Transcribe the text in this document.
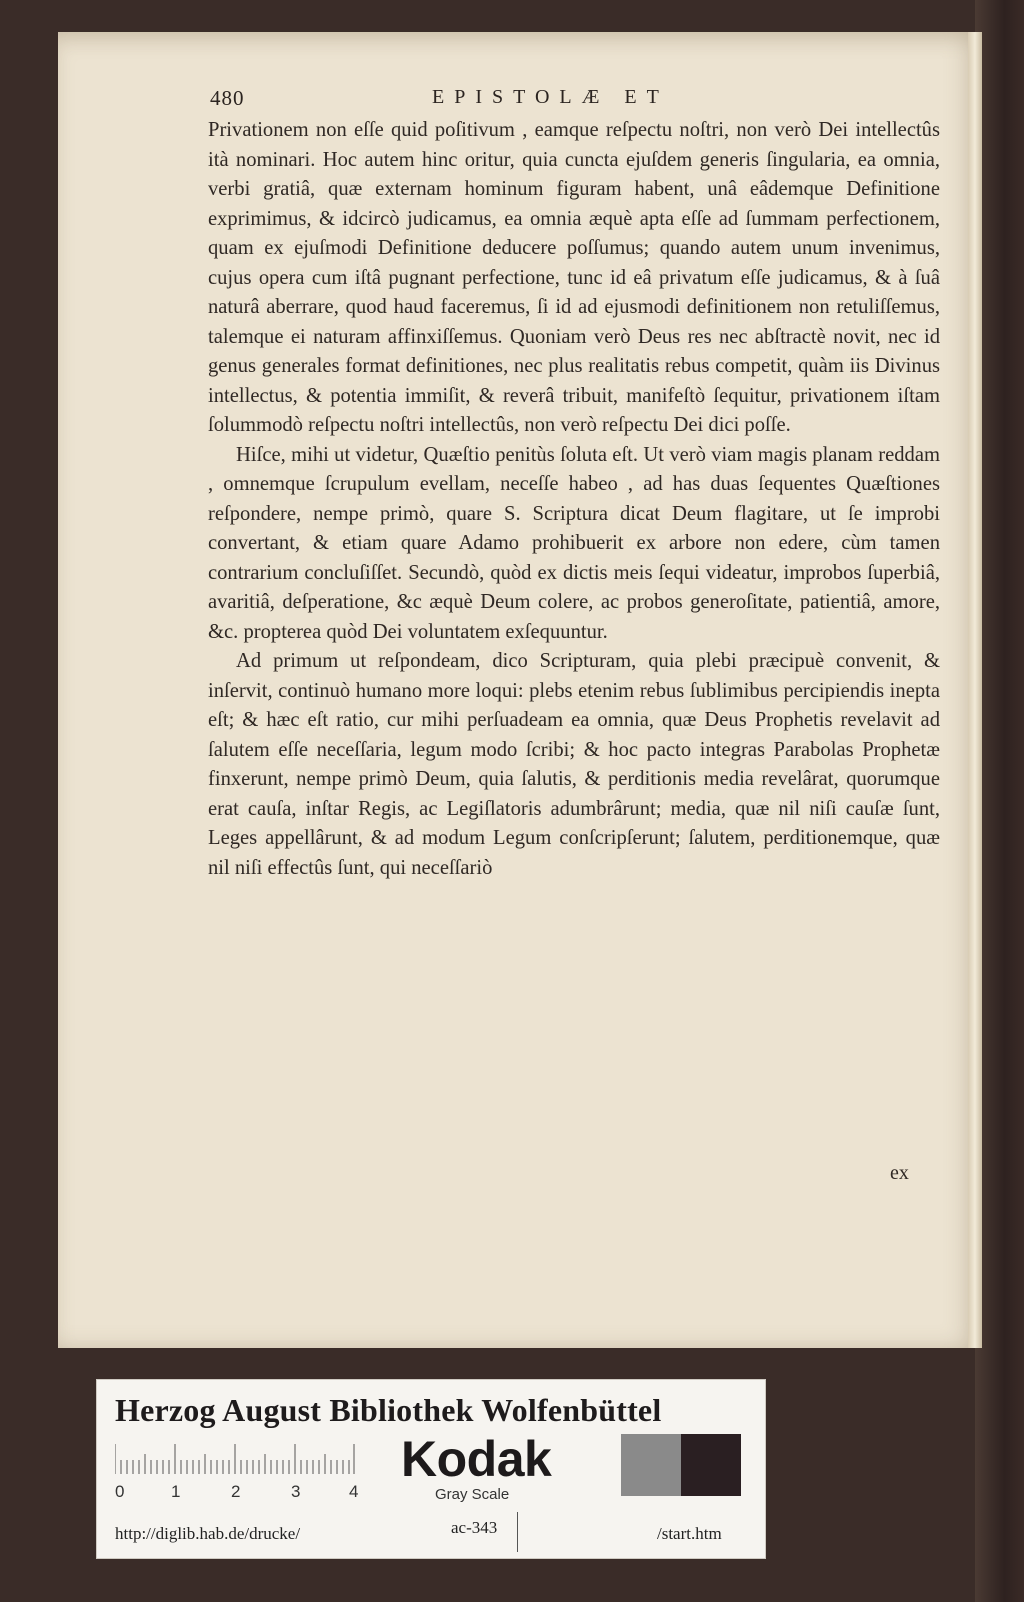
480	EPISTOLÆ ET

Privationem non eſſe quid poſitivum , eamque reſpectu noſtri, non verò Dei intellectûs ità nominari. Hoc autem hinc oritur, quia cuncta ejuſdem generis ſingularia, ea omnia, verbi gratiâ, quæ externam hominum figuram habent, unâ eâdemque Definitione exprimimus, & idcircò judicamus, ea omnia æquè apta eſſe ad ſummam perfectionem, quam ex ejuſmodi Definitione deducere poſſumus; quando autem unum invenimus, cujus opera cum iſtâ pugnant perfectione, tunc id eâ privatum eſſe judicamus, & à ſuâ naturâ aberrare, quod haud faceremus, ſi id ad ejusmodi definitionem non retuliſſemus, talemque ei naturam affinxiſſemus. Quoniam verò Deus res nec abſtractè novit, nec id genus generales format definitiones, nec plus realitatis rebus competit, quàm iis Divinus intellectus, & potentia immiſit, & reverâ tribuit, manifeſtò ſequitur, privationem iſtam ſolummodò reſpectu noſtri intellectûs, non verò reſpectu Dei dici poſſe.

Hiſce, mihi ut videtur, Quæſtio penitùs ſoluta eſt. Ut verò viam magis planam reddam , omnemque ſcrupulum evellam, neceſſe habeo , ad has duas ſequentes Quæſtiones reſpondere, nempe primò, quare S. Scriptura dicat Deum flagitare, ut ſe improbi convertant, & etiam quare Adamo prohibuerit ex arbore non edere, cùm tamen contrarium concluſiſſet. Secundò, quòd ex dictis meis ſequi videatur, improbos ſuperbiâ, avaritiâ, deſperatione, &c æquè Deum colere, ac probos generoſitate, patientiâ, amore, &c. propterea quòd Dei voluntatem exſequuntur.

Ad primum ut reſpondeam, dico Scripturam, quia plebi præcipuè convenit, & inſervit, continuò humano more loqui: plebs etenim rebus ſublimibus percipiendis inepta eſt; & hæc eſt ratio, cur mihi perſuadeam ea omnia, quæ Deus Prophetis revelavit ad ſalutem eſſe neceſſaria, legum modo ſcribi; & hoc pacto integras Parabolas Prophetæ finxerunt, nempe primò Deum, quia ſalutis, & perditionis media revelârat, quorumque erat cauſa, inſtar Regis, ac Legiſlatoris adumbrârunt; media, quæ nil niſi cauſæ ſunt, Leges appellârunt, & ad modum Legum conſcripſerunt; ſalutem, perditionemque, quæ nil niſi effectûs ſunt, qui neceſſariò

ex
Herzog August Bibliothek Wolfenbüttel
0	1	2	3	4
Kodak
Gray Scale
http://diglib.hab.de/drucke/	ac-343	/start.htm
